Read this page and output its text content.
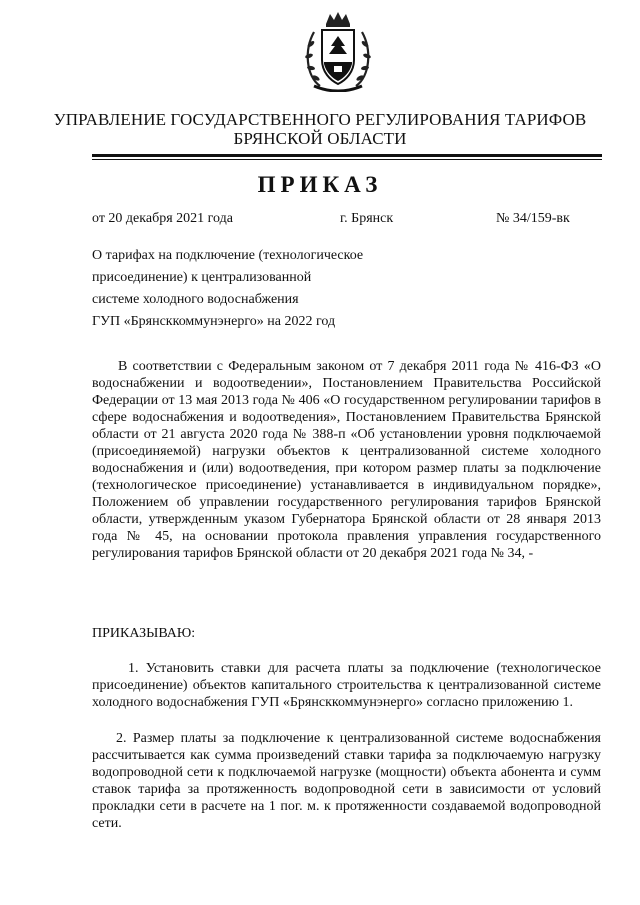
УПРАВЛЕНИЕ ГОСУДАРСТВЕННОГО РЕГУЛИРОВАНИЯ ТАРИФОВ
БРЯНСКОЙ ОБЛАСТИ
ПРИКАЗ
от 20 декабря 2021 года	г. Брянск	№ 34/159-вк
О тарифах на подключение (технологическое
присоединение) к централизованной
системе холодного водоснабжения
ГУП «Брянсккоммунэнерго» на 2022 год
В соответствии с Федеральным законом от 7 декабря 2011 года № 416-ФЗ «О водоснабжении и водоотведении», Постановлением Правительства Российской Федерации от 13 мая 2013 года № 406 «О государственном регулировании тарифов в сфере водоснабжения и водоотведения», Постановлением Правительства Брянской области от 21 августа 2020 года № 388-п «Об установлении уровня подключаемой (присоединяемой) нагрузки объектов к централизованной системе холодного водоснабжения и (или) водоотведения, при котором размер платы за подключение (технологическое присоединение) устанавливается в индивидуальном порядке», Положением об управлении государственного регулирования тарифов Брянской области, утвержденным указом Губернатора Брянской области от 28 января 2013 года № 45, на основании протокола правления управления государственного регулирования тарифов Брянской области от 20 декабря 2021 года № 34, -
ПРИКАЗЫВАЮ:
1. Установить ставки для расчета платы за подключение (технологическое присоединение) объектов капитального строительства к централизованной системе холодного водоснабжения ГУП «Брянсккоммунэнерго» согласно приложению 1.
2. Размер платы за подключение к централизованной системе водоснабжения рассчитывается как сумма произведений ставки тарифа за подключаемую нагрузку водопроводной сети к подключаемой нагрузке (мощности) объекта абонента и сумм ставок тарифа за протяженность водопроводной сети в зависимости от условий прокладки сети в расчете на 1 пог. м. к протяженности создаваемой водопроводной сети.
